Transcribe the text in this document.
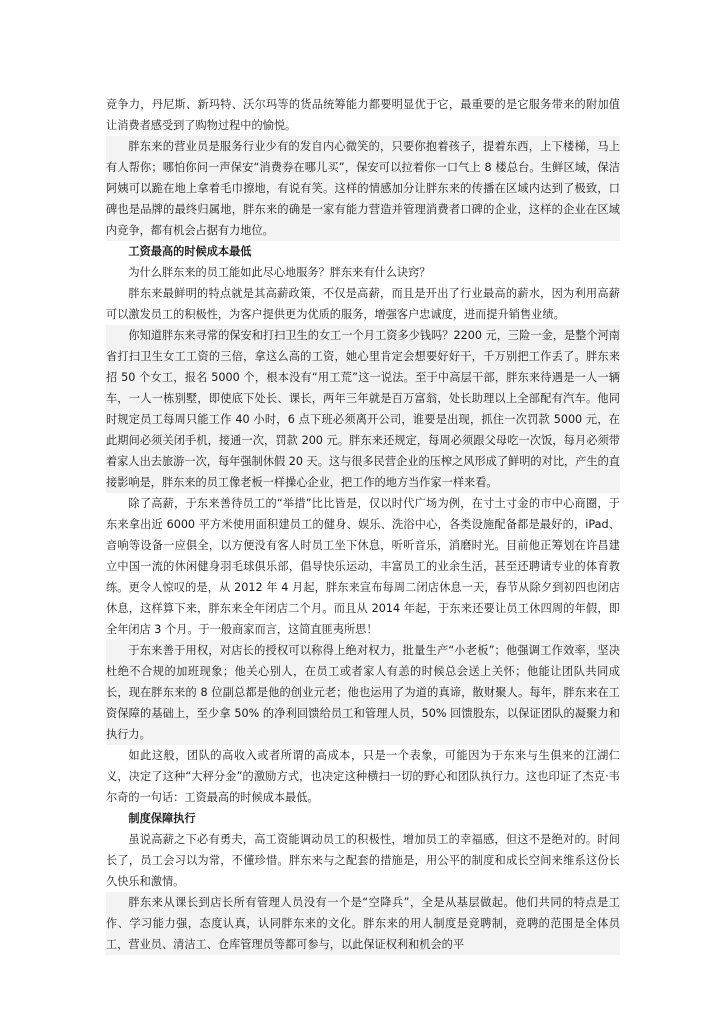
竞争力，丹尼斯、新玛特、沃尔玛等的货品统筹能力都要明显优于它，最重要的是它服务带来的附加值让消费者感受到了购物过程中的愉悦。

胖东来的营业员是服务行业少有的发自内心微笑的，只要你抱着孩子，提着东西，上下楼梯，马上有人帮你；哪怕你问一声保安“消费券在哪儿买”，保安可以拉着你一口气上 8 楼总台。生鲜区域，保洁阿姨可以跪在地上拿着毛巾擦地，有说有笑。这样的情感加分让胖东来的传播在区域内达到了极致，口碑也是品牌的最终归属地，胖东来的确是一家有能力营造并管理消费者口碑的企业，这样的企业在区域内竞争，都有机会占据有力地位。

工资最高的时候成本最低

为什么胖东来的员工能如此尽心地服务？胖东来有什么诀窍？

胖东来最鲜明的特点就是其高薪政策，不仅是高薪，而且是开出了行业最高的薪水，因为利用高薪可以激发员工的积极性，为客户提供更为优质的服务，增强客户忠诚度，进而提升销售业绩。

你知道胖东来寻常的保安和打扫卫生的女工一个月工资多少钱吗？2200 元，三险一金，是整个河南省打扫卫生女工工资的三倍，拿这么高的工资，她心里肯定会想要好好干，千万别把工作丢了。胖东来招 50 个女工，报名 5000 个，根本没有“用工荒”这一说法。至于中高层干部，胖东来待遇是一人一辆车，一人一栋别墅，即使底下处长、课长，两年三年就是百万富翁，处长助理以上全部配有汽车。他同时规定员工每周只能工作 40 小时，6 点下班必须离开公司，谁要是出现，抓住一次罚款 5000 元，在此期间必须关闭手机，接通一次，罚款 200 元。胖东来还规定，每周必须跟父母吃一次饭，每月必须带着家人出去旅游一次，每年强制休假 20 天。这与很多民营企业的压榨之风形成了鲜明的对比，产生的直接影响是，胖东来的员工像老板一样操心企业，把工作的地方当作家一样来看。

除了高薪，于东来善待员工的“举措”比比皆是，仅以时代广场为例，在寸土寸金的市中心商圈，于东来拿出近 6000 平方米使用面积建员工的健身、娱乐、洗浴中心，各类设施配备都是最好的，iPad、音响等设备一应俱全，以方便没有客人时员工坐下休息，听听音乐，消磨时光。目前他正筹划在许昌建立中国一流的休闲健身羽毛球俱乐部，倡导快乐运动，丰富员工的业余生活，甚至还聘请专业的体育教练。更令人惊叹的是，从 2012 年 4 月起，胖东来宣布每周二闭店休息一天，春节从除夕到初四也闭店休息，这样算下来，胖东来全年闭店二个月。而且从 2014 年起，于东来还要让员工休四周的年假，即全年闭店 3 个月。于一般商家而言，这简直匪夷所思！

于东来善于用权，对店长的授权可以称得上绝对权力，批量生产“小老板”；他强调工作效率，坚决杜绝不合规的加班现象；他关心别人，在员工或者家人有恙的时候总会送上关怀；他能让团队共同成长，现在胖东来的 8 位副总都是他的创业元老；他也运用了为道的真谛，散财聚人。每年，胖东来在工资保障的基础上，至少拿 50% 的净利回馈给员工和管理人员，50% 回馈股东，以保证团队的凝聚力和执行力。

如此这般，团队的高收入或者所谓的高成本，只是一个表象，可能因为于东来与生俱来的江湖仁义，决定了这种“大秤分金”的激励方式，也决定这种横扫一切的野心和团队执行力。这也印证了杰克·韦尔奇的一句话：工资最高的时候成本最低。

制度保障执行

虽说高薪之下必有勇夫，高工资能调动员工的积极性，增加员工的幸福感，但这不是绝对的。时间长了，员工会习以为常，不懂珍惜。胖东来与之配套的措施是，用公平的制度和成长空间来维系这份长久快乐和激情。

胖东来从课长到店长所有管理人员没有一个是“空降兵”，全是从基层做起。他们共同的特点是工作、学习能力强，态度认真，认同胖东来的文化。胖东来的用人制度是竞聘制，竞聘的范围是全体员工，营业员、清洁工、仓库管理员等都可参与，以此保证权利和机会的平
